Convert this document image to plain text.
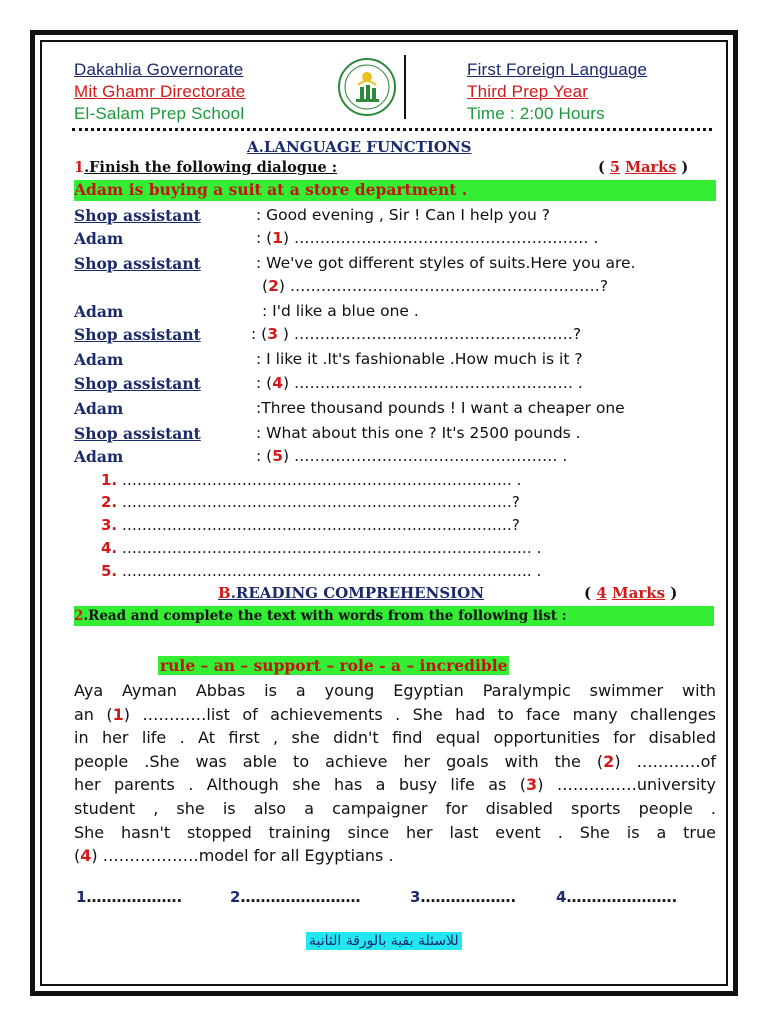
Dakahlia Governorate
Mit Ghamr Directorate
El-Salam Prep School
First Foreign Language
Third Prep Year
Time : 2:00 Hours
A.LANGUAGE FUNCTIONS
1.Finish the following dialogue :	( 5 Marks )
Adam is buying a suit at a store department .
Shop assistant	: Good evening , Sir ! Can I help you ?
Adam	: (1) ………………………………………………… .
Shop assistant	: We've got different styles of suits.Here you are.
(2) ……………………………………………………?
Adam	: I'd like a blue one .
Shop assistant	: (3 ) ………………………………………………?
Adam	: I like it .It's fashionable .How much is it ?
Shop assistant	: (4) ……………………………………………… .
Adam	:Three thousand pounds ! I want a cheaper one
Shop assistant	: What about this one ? It's 2500 pounds .
Adam	: (5) …………………………………………… .
1. …………………………………………………………………… .
2. ……………………………………………………………………?
3. ……………………………………………………………………?
4. ………………………………………………………………………. .
5. ………………………………………………………………………. .
B.READING COMPREHENSION	( 4 Marks )
2.Read and complete the text with words from the following list :
rule – an – support – role - a – incredible
Aya Ayman Abbas is a young Egyptian Paralympic swimmer with
an (1) …………list of achievements . She had to face many challenges
in her life . At first , she didn't find equal opportunities for disabled
people .She was able to achieve her goals with the (2) …………of
her parents . Although she has a busy life as (3) ……………university
student , she is also a campaigner for disabled sports people .
She hasn't stopped training since her last event . She is a true
(4) ………………model for all Egyptians .
1……………….	2……………………	3……………….	4………………….
للاسئلة بقية بالورقة الثانية
